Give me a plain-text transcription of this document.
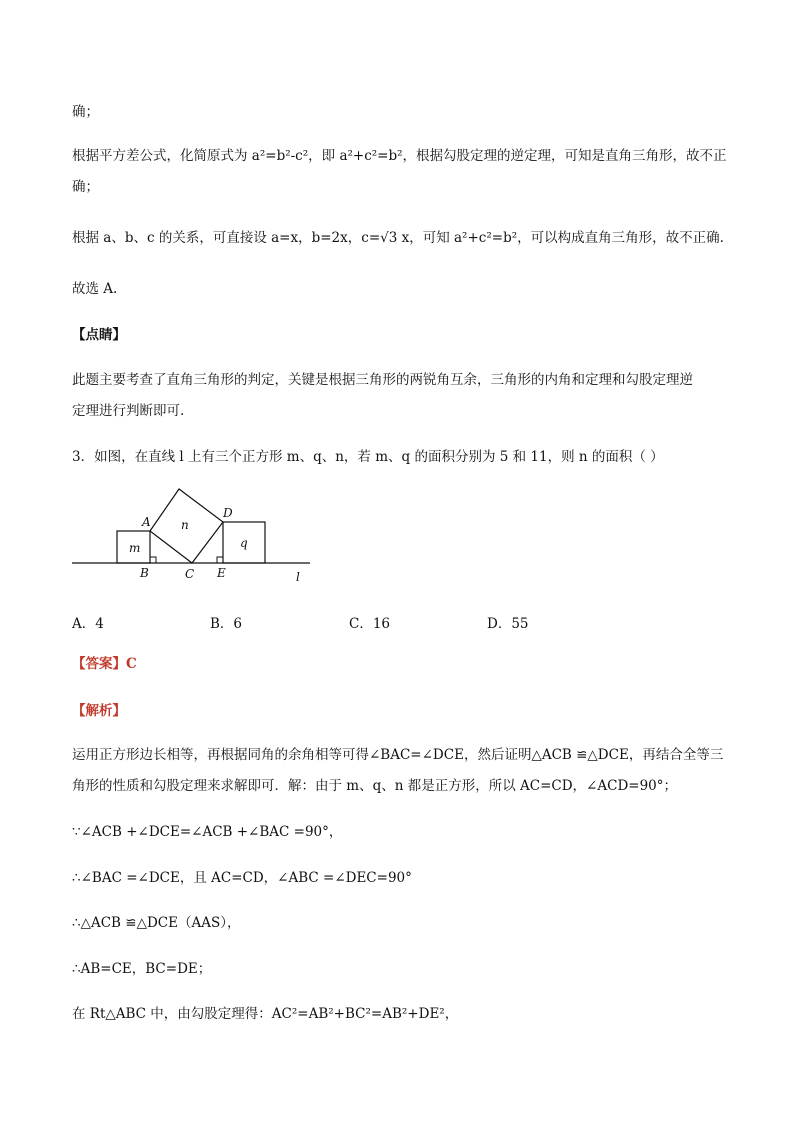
确；
根据平方差公式，化简原式为 a²=b²-c²，即 a²+c²=b²，根据勾股定理的逆定理，可知是直角三角形，故不正
确；
根据 a、b、c 的关系，可直接设 a=x，b=2x，c=√3 x，可知 a²+c²=b²，可以构成直角三角形，故不正确.
故选 A.
【点睛】
此题主要考查了直角三角形的判定，关键是根据三角形的两锐角互余，三角形的内角和定理和勾股定理逆
定理进行判断即可.
3．如图，在直线 l 上有三个正方形 m、q、n，若 m、q 的面积分别为 5 和 11，则 n 的面积（ ）
m
n
q
A
B	C
D
E	l
A．4	B．6	C．16	D．55
【答案】C
【解析】
运用正方形边长相等，再根据同角的余角相等可得∠BAC=∠DCE，然后证明△ACB ≌△DCE，再结合全等三
角形的性质和勾股定理来求解即可．解：由于 m、q、n 都是正方形，所以 AC=CD，∠ACD=90°；
∵∠ACB +∠DCE=∠ACB +∠BAC =90°，
∴∠BAC =∠DCE，且 AC=CD，∠ABC =∠DEC=90°
∴△ACB ≌△DCE（AAS），
∴AB=CE，BC=DE；
在 Rt△ABC 中，由勾股定理得：AC²=AB²+BC²=AB²+DE²，
